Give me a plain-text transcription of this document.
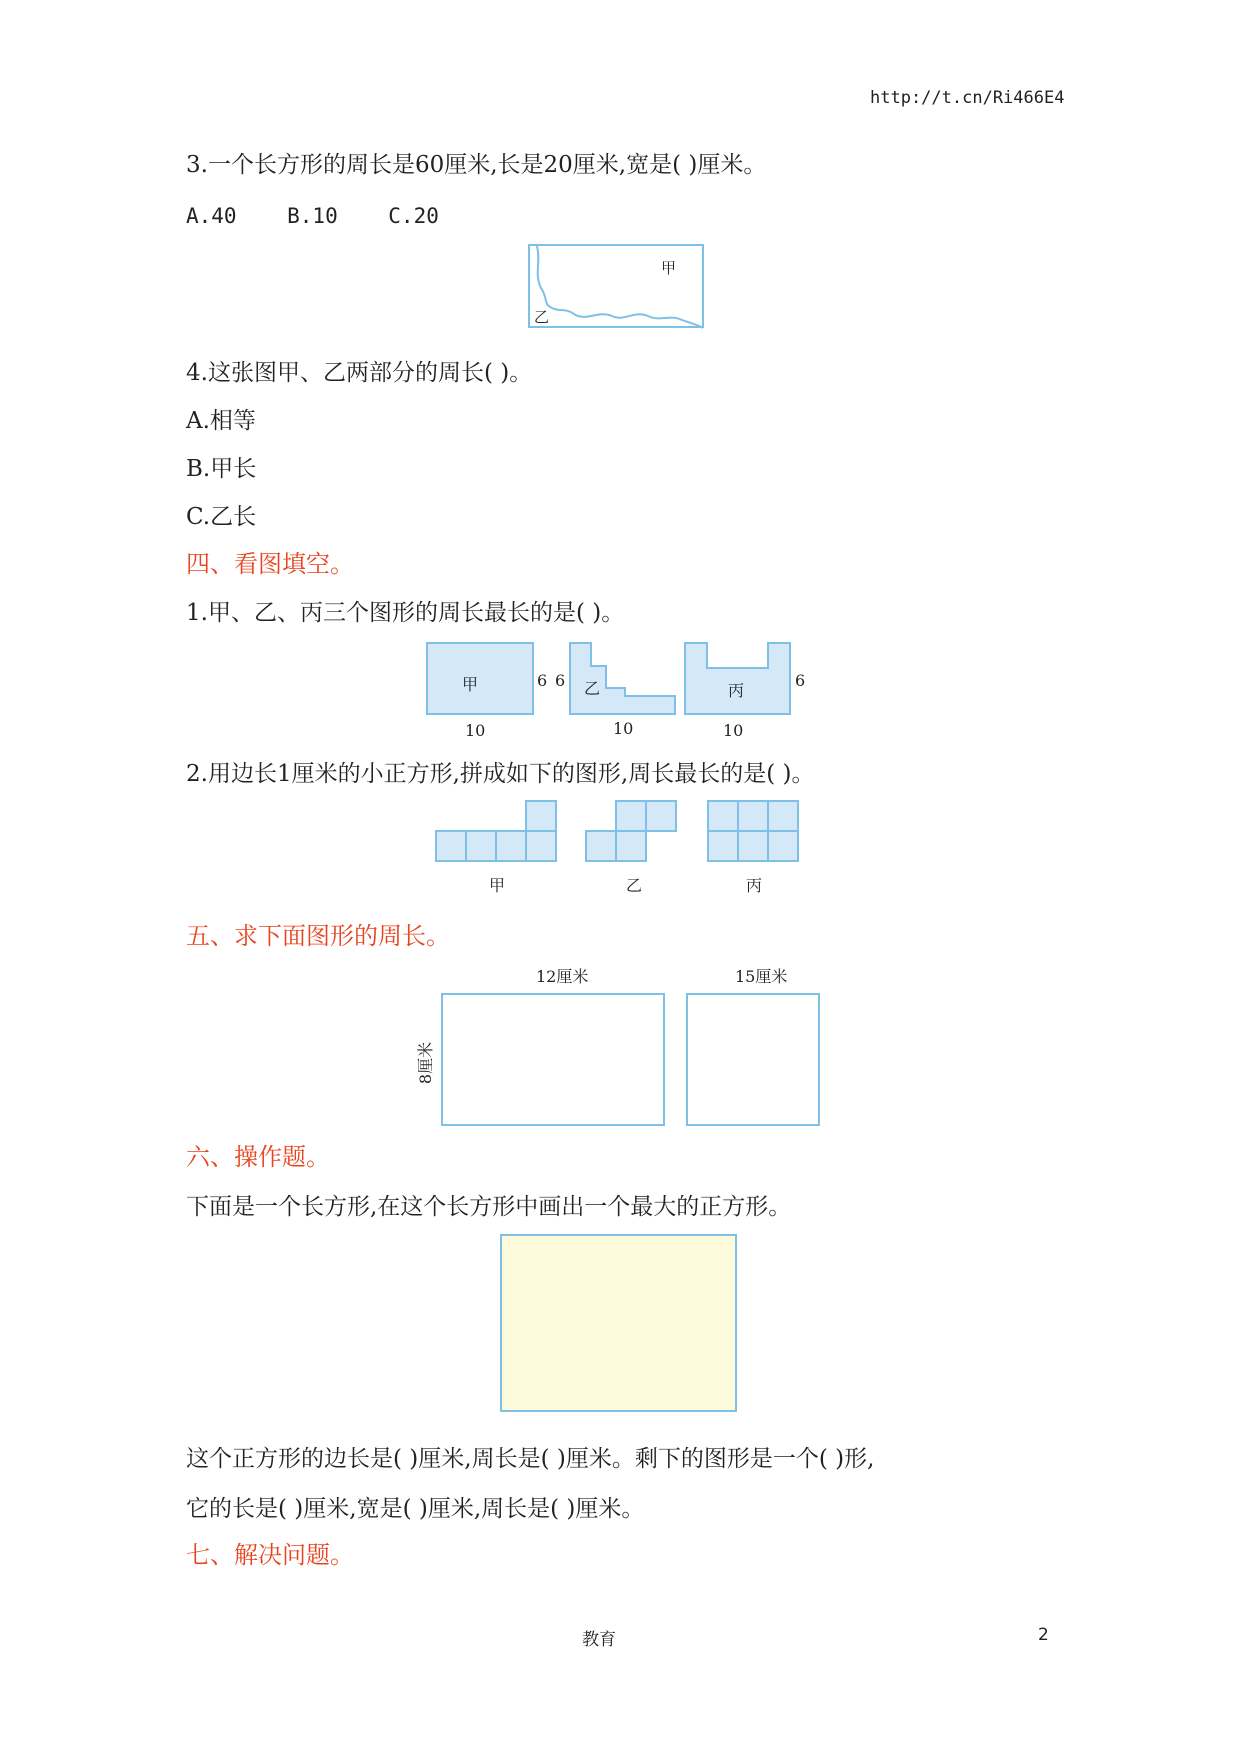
http://t.cn/Ri466E4
3.一个长方形的周长是60厘米,长是20厘米,宽是( )厘米。
A.40    B.10    C.20
甲
乙
4.这张图甲、乙两部分的周长( )。
A.相等
B.甲长
C.乙长
四、看图填空。
1.甲、乙、丙三个图形的周长最长的是( )。
甲	6
10
6 乙
10
丙
6
10
2.用边长1厘米的小正方形,拼成如下的图形,周长最长的是( )。
甲	乙	丙
五、求下面图形的周长。
12厘米	15厘米
8厘米
六、操作题。
下面是一个长方形,在这个长方形中画出一个最大的正方形。
这个正方形的边长是( )厘米,周长是( )厘米。剩下的图形是一个( )形,
它的长是( )厘米,宽是( )厘米,周长是( )厘米。
七、解决问题。
教育	2
